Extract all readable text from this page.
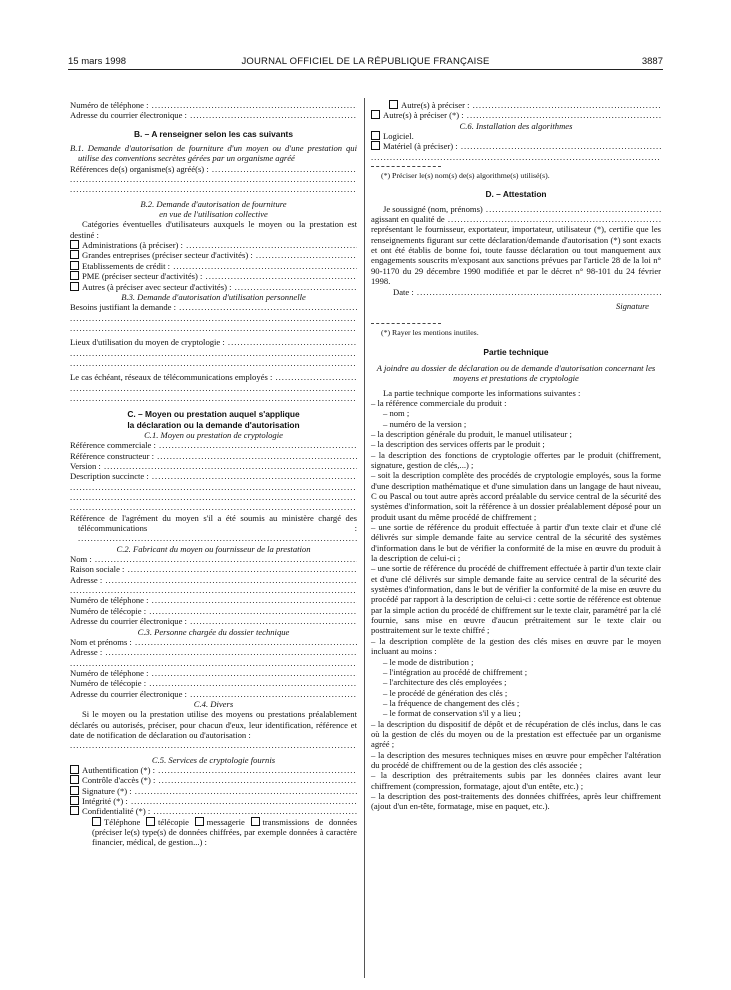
15 mars 1998	JOURNAL OFFICIEL DE LA RÉPUBLIQUE FRANÇAISE	3887

Numéro de téléphone : .....

Adresse du courrier électronique : .....

B. – A renseigner selon les cas suivants

B.1. Demande d'autorisation de fourniture d'un moyen ou d'une prestation qui utilise des conventions secrètes gérées par un organisme agréé

Références de(s) organisme(s) agréé(s) : .....

.....
.....

B.2. Demande d'autorisation de fourniture

en vue de l'utilisation collective

Catégories éventuelles d'utilisateurs auxquels le moyen ou la prestation est destiné :

Administrations (à préciser) : .....

Grandes entreprises (préciser secteur d'activités) : .....

Etablissements de crédit : .....

PME (préciser secteur d'activités) : .....

Autres (à préciser avec secteur d'activités) : .....

B.3. Demande d'autorisation d'utilisation personnelle

Besoins justifiant la demande : .....

.....
.....

Lieux d'utilisation du moyen de cryptologie : .....

.....
.....

Le cas échéant, réseaux de télécommunications employés : .....

.....
.....

C. – Moyen ou prestation auquel s'applique

la déclaration ou la demande d'autorisation

C.1. Moyen ou prestation de cryptologie

Référence commerciale : .....

Référence constructeur : .....

Version : .....

Description succincte : .....

.....
.....
.....

Référence de l'agrément du moyen s'il a été soumis au ministère chargé des télécommunications : .....

C.2. Fabricant du moyen ou fournisseur de la prestation

Nom : .....

Raison sociale : .....

Adresse : .....

.....

Numéro de téléphone : .....

Numéro de télécopie : .....

Adresse du courrier électronique : .....

C.3. Personne chargée du dossier technique

Nom et prénoms : .....

Adresse : .....

.....

Numéro de téléphone : .....

Numéro de télécopie : .....

Adresse du courrier électronique : .....

C.4. Divers

Si le moyen ou la prestation utilise des moyens ou prestations préalablement déclarés ou autorisés, préciser, pour chacun d'eux, leur identification, référence et date de notification de déclaration ou d'autorisation :

.....

C.5. Services de cryptologie fournis

Authentification (*) : .....

Contrôle d'accès (*) : .....

Signature (*) : .....

Intégrité (*) : .....

Confidentialité (*) : .....

Téléphone télécopie messagerie transmissions de données (préciser le(s) type(s) de données chiffrées, par exemple données à caractère financier, médical, de gestion...) :

Autre(s) à préciser : .....

Autre(s) à préciser (*) : .....

C.6. Installation des algorithmes

Logiciel.

Matériel (à préciser) : .....

.....

(*) Préciser le(s) nom(s) de(s) algorithme(s) utilisé(s).

D. – Attestation

Je soussigné (nom, prénoms) .....

agissant en qualité de .....

représentant le fournisseur, exportateur, importateur, utilisateur (*), certifie que les renseignements figurant sur cette déclaration/demande d'autorisation (*) sont exacts et ont été établis de bonne foi, toute fausse déclaration ou tout manquement aux engagements souscrits m'exposant aux sanctions prévues par l'article 28 de la loi n° 90-1170 du 29 décembre 1990 modifiée et par le décret n° 98-101 du 24 février 1998.

Date : .....

Signature

(*) Rayer les mentions inutiles.

Partie technique

A joindre au dossier de déclaration ou de demande d'autorisation concernant les moyens et prestations de cryptologie

La partie technique comporte les informations suivantes :

– la référence commerciale du produit :

– nom ;

– numéro de la version ;

– la description générale du produit, le manuel utilisateur ;

– la description des services offerts par le produit ;

– la description des fonctions de cryptologie offertes par le produit (chiffrement, signature, gestion de clés,...) ;

– soit la description complète des procédés de cryptologie employés, sous la forme d'une description mathématique et d'une simulation dans un langage de haut niveau, C ou Pascal ou tout autre après accord préalable du service central de la sécurité des systèmes d'information, soit la référence à un dossier préalablement déposé pour un produit usant du même procédé de chiffrement ;

– une sortie de référence du produit effectuée à partir d'un texte clair et d'une clé délivrés sur simple demande faite au service central de la sécurité des systèmes d'information dans le but de vérifier la conformité de la mise en œuvre du produit à la description de celui-ci ;

– une sortie de référence du procédé de chiffrement effectuée à partir d'un texte clair et d'une clé délivrés sur simple demande faite au service central de la sécurité des systèmes d'information, dans le but de vérifier la conformité de la mise en œuvre du procédé par rapport à la description de celui-ci : cette sortie de référence est obtenue par la simple action du procédé de chiffrement sur le texte clair, paramétré par la clé fournie, sans mise en œuvre d'aucun prétraitement sur le texte clair ou posttraitement sur le texte chiffré ;

– la description complète de la gestion des clés mises en œuvre par le moyen incluant au moins :

– le mode de distribution ;

– l'intégration au procédé de chiffrement ;

– l'architecture des clés employées ;

– le procédé de génération des clés ;

– la fréquence de changement des clés ;

– le format de conservation s'il y a lieu ;

– la description du dispositif de dépôt et de récupération de clés inclus, dans le cas où la gestion de clés du moyen ou de la prestation est effectuée par un organisme agréé ;

– la description des mesures techniques mises en œuvre pour empêcher l'altération du procédé de chiffrement ou de la gestion des clés associée ;

– la description des prétraitements subis par les données claires avant leur chiffrement (compression, formatage, ajout d'un entête, etc.) ;

– la description des post-traitements des données chiffrées, après leur chiffrement (ajout d'un en-tête, formatage, mise en paquet, etc.).
